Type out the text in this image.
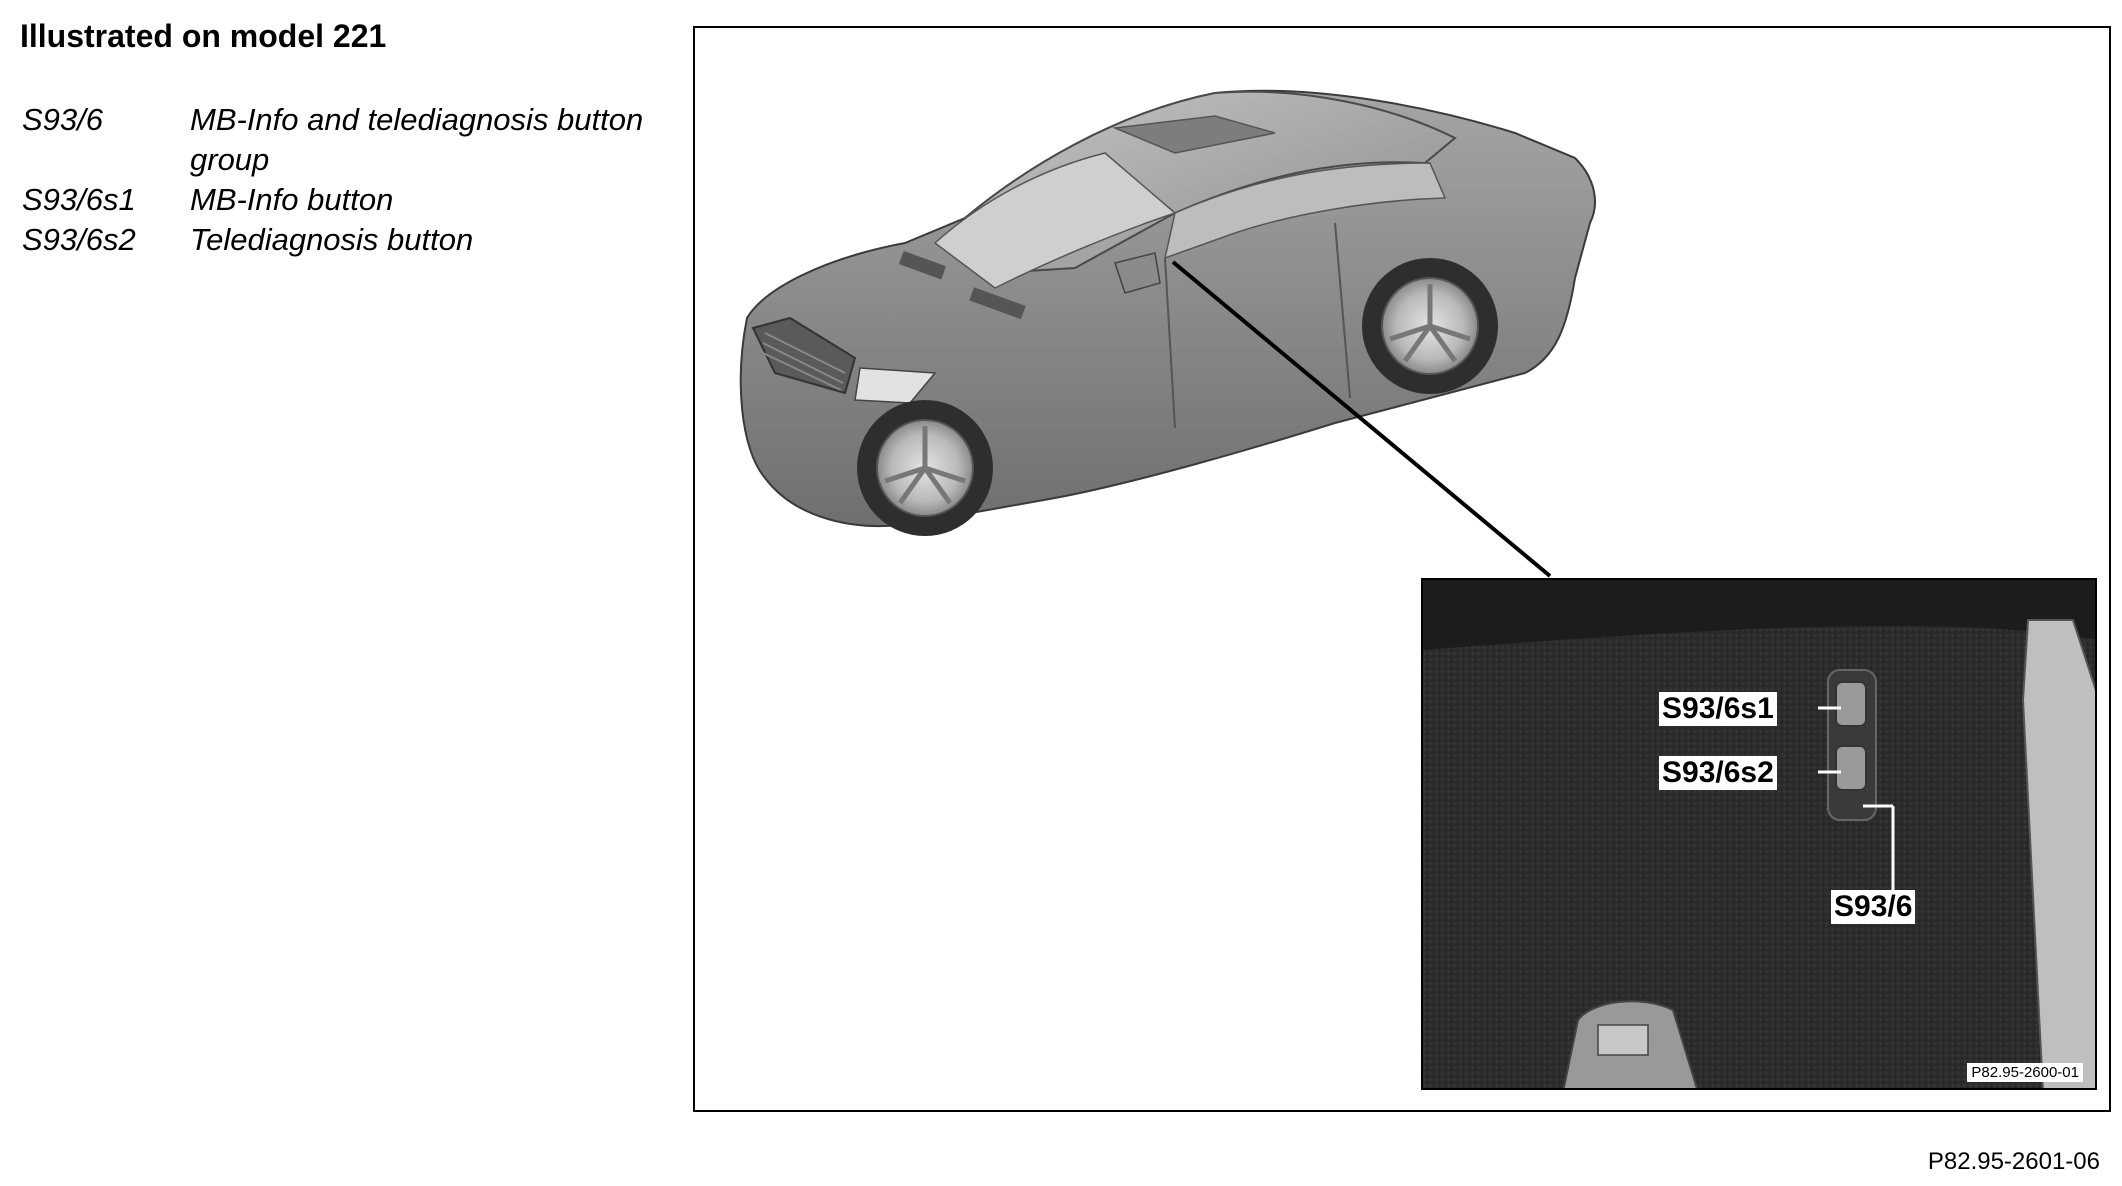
Illustrated on model 221
S93/6	MB-Info and telediagnosis button group
S93/6s1	MB-Info button
S93/6s2	Telediagnosis button
S93/6s1
S93/6s2
S93/6
P82.95-2600-01
P82.95-2601-06
